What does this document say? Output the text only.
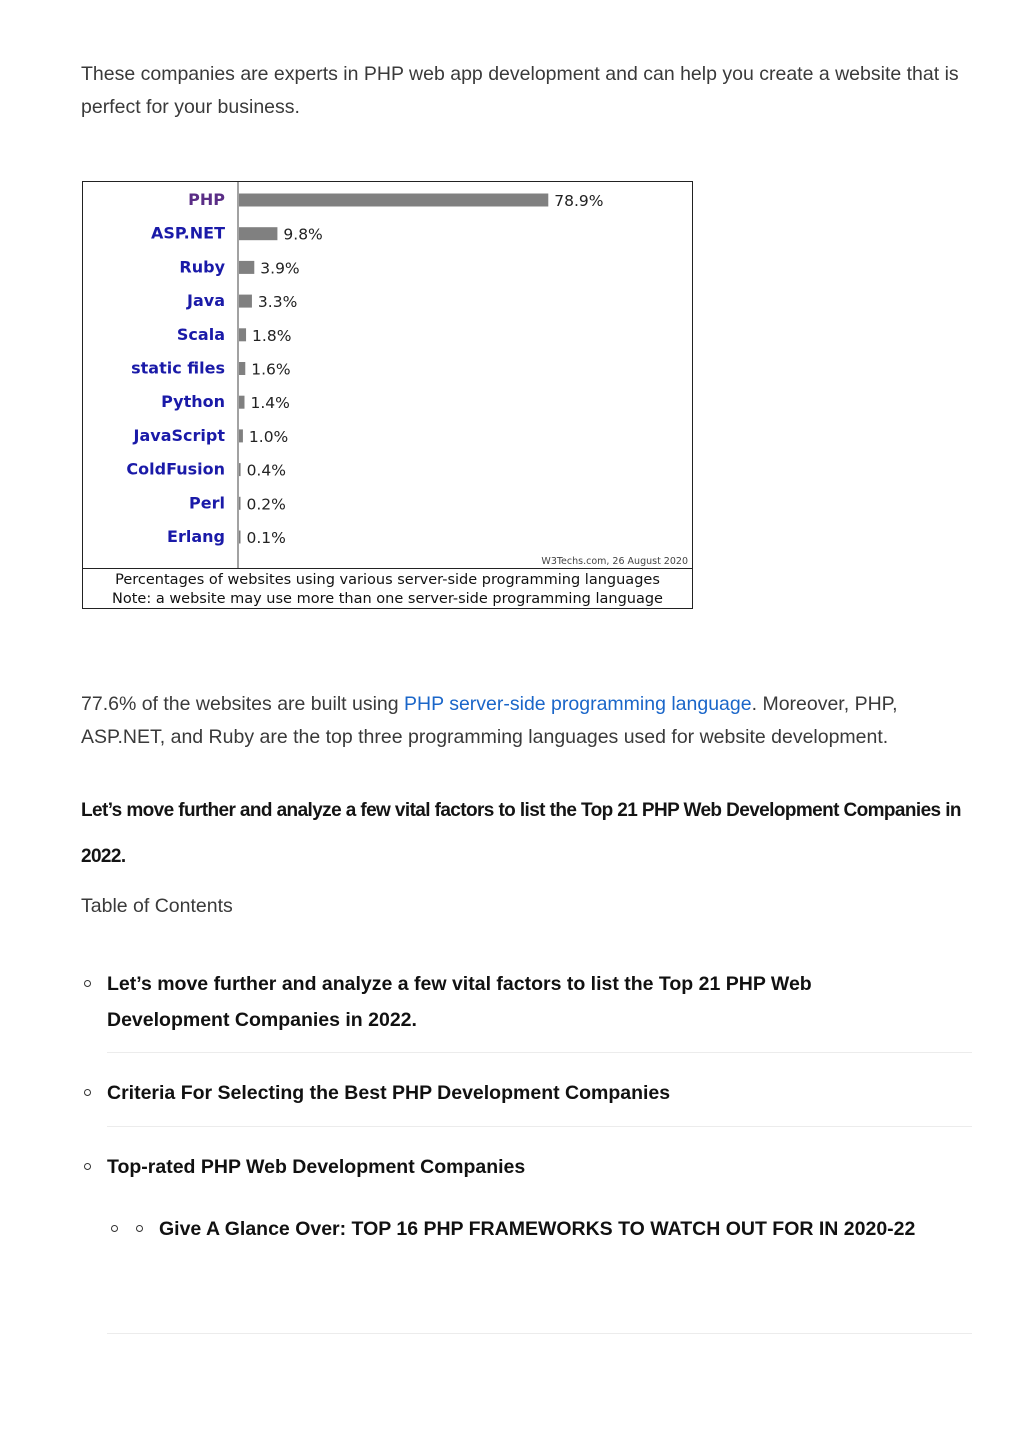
These companies are experts in PHP web app development and can help you create a website that is perfect for your business.

PHP	78.9%
ASP.NET	9.8%
Ruby 3.9%
Java 3.3%
Scala 1.8%
static files 1.6%
Python 1.4%
JavaScript 1.0%
ColdFusion 0.4%
Perl 0.2%
Erlang 0.1%
W3Techs.com, 26 August 2020
Percentages of websites using various server-side programming languages
Note: a website may use more than one server-side programming language

77.6% of the websites are built using PHP server-side programming language. Moreover, PHP, ASP.NET, and Ruby are the top three programming languages used for website development.

Let’s move further and analyze a few vital factors to list the Top 21 PHP Web Development Companies in 2022.
Table of Contents
Let’s move further and analyze a few vital factors to list the Top 21 PHP Web Development Companies in 2022.
Criteria For Selecting the Best PHP Development Companies
Top-rated PHP Web Development Companies
Give A Glance Over: TOP 16 PHP FRAMEWORKS TO WATCH OUT FOR IN 2020-22
